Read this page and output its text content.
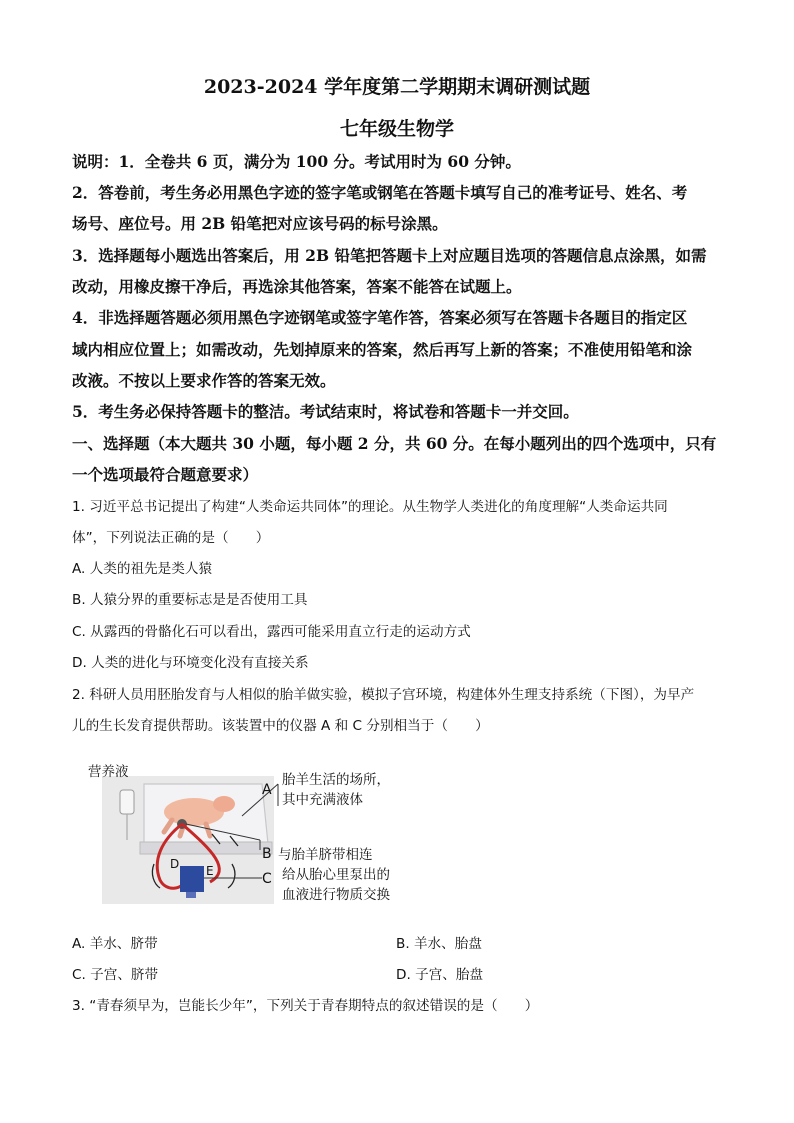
2023-2024 学年度第二学期期末调研测试题
七年级生物学
说明：1．全卷共 6 页，满分为 100 分。考试用时为 60 分钟。
2．答卷前，考生务必用黑色字迹的签字笔或钢笔在答题卡填写自己的准考证号、姓名、考
场号、座位号。用 2B 铅笔把对应该号码的标号涂黑。
3．选择题每小题选出答案后，用 2B 铅笔把答题卡上对应题目选项的答题信息点涂黑，如需
改动，用橡皮擦干净后，再选涂其他答案，答案不能答在试题上。
4．非选择题答题必须用黑色字迹钢笔或签字笔作答，答案必须写在答题卡各题目的指定区
域内相应位置上；如需改动，先划掉原来的答案，然后再写上新的答案；不准使用铅笔和涂
改液。不按以上要求作答的答案无效。
5．考生务必保持答题卡的整洁。考试结束时，将试卷和答题卡一并交回。
一、选择题（本大题共 30 小题，每小题 2 分，共 60 分。在每小题列出的四个选项中，只有
一个选项最符合题意要求）
1. 习近平总书记提出了构建“人类命运共同体”的理论。从生物学人类进化的角度理解“人类命运共同
体”，下列说法正确的是（　　）
A. 人类的祖先是类人猿
B. 人猿分界的重要标志是是否使用工具
C. 从露西的骨骼化石可以看出，露西可能采用直立行走的运动方式
D. 人类的进化与环境变化没有直接关系
2. 科研人员用胚胎发育与人相似的胎羊做实验，模拟子宫环境，构建体外生理支持系统（下图），为早产
儿的生长发育提供帮助。该装置中的仪器 A 和 C 分别相当于（　　）
营养液
A
B
C
D E
胎羊生活的场所，
其中充满液体
与胎羊脐带相连
给从胎心里泵出的
血液进行物质交换
A. 羊水、脐带	B. 羊水、胎盘
C. 子宫、脐带	D. 子宫、胎盘
3. “青春须早为，岂能长少年”，下列关于青春期特点的叙述错误的是（　　）
